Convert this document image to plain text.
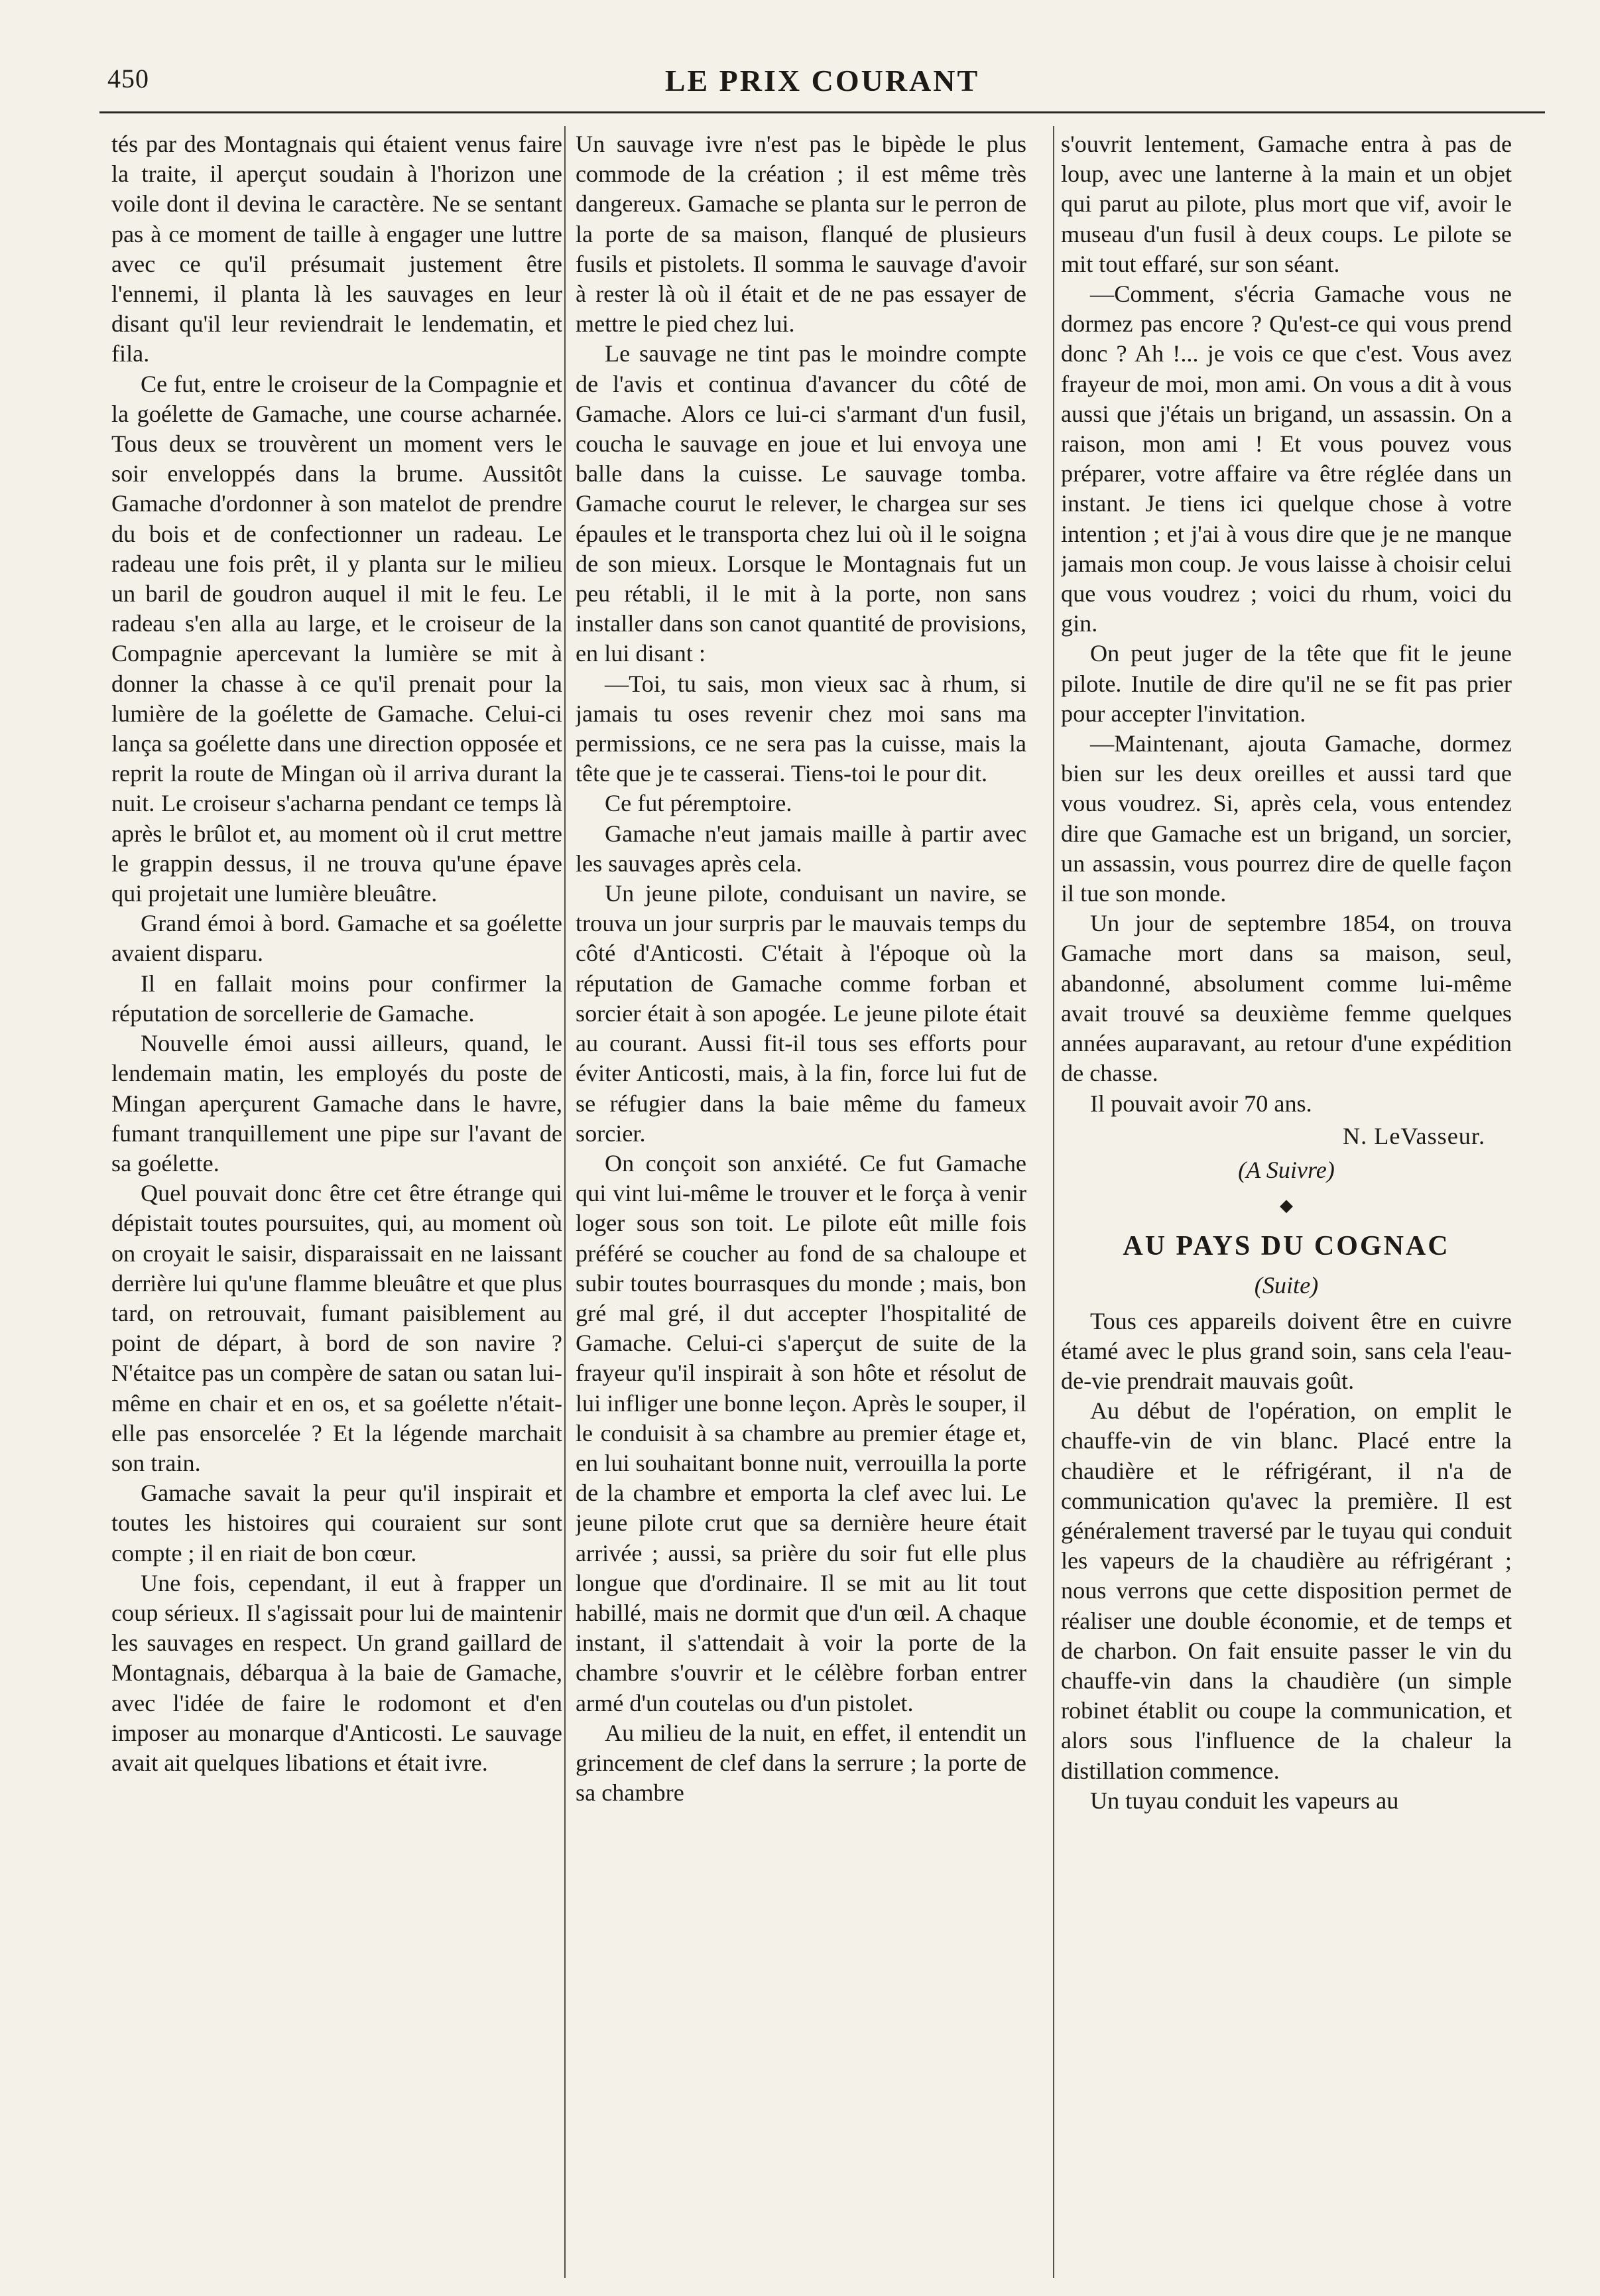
450	LE PRIX COURANT

tés par des Montagnais qui étaient venus faire la traite, il aperçut soudain à l'horizon une voile dont il devina le caractère. Ne se sentant pas à ce moment de taille à engager une luttre avec ce qu'il présumait justement être l'ennemi, il planta là les sauvages en leur disant qu'il leur reviendrait le lendematin, et fila.

Ce fut, entre le croiseur de la Compagnie et la goélette de Gamache, une course acharnée. Tous deux se trouvèrent un moment vers le soir enveloppés dans la brume. Aussitôt Gamache d'ordonner à son matelot de prendre du bois et de confectionner un radeau. Le radeau une fois prêt, il y planta sur le milieu un baril de goudron auquel il mit le feu. Le radeau s'en alla au large, et le croiseur de la Compagnie apercevant la lumière se mit à donner la chasse à ce qu'il prenait pour la lumière de la goélette de Gamache. Celui-ci lança sa goélette dans une direction opposée et reprit la route de Mingan où il arriva durant la nuit. Le croiseur s'acharna pendant ce temps là après le brûlot et, au moment où il crut mettre le grappin dessus, il ne trouva qu'une épave qui projetait une lumière bleuâtre.

Grand émoi à bord. Gamache et sa goélette avaient disparu.

Il en fallait moins pour confirmer la réputation de sorcellerie de Gamache.

Nouvelle émoi aussi ailleurs, quand, le lendemain matin, les employés du poste de Mingan aperçurent Gamache dans le havre, fumant tranquillement une pipe sur l'avant de sa goélette.

Quel pouvait donc être cet être étrange qui dépistait toutes poursuites, qui, au moment où on croyait le saisir, disparaissait en ne laissant derrière lui qu'une flamme bleuâtre et que plus tard, on retrouvait, fumant paisiblement au point de départ, à bord de son navire ? N'étaitce pas un compère de satan ou satan lui-même en chair et en os, et sa goélette n'était-elle pas ensorcelée ? Et la légende marchait son train.

Gamache savait la peur qu'il inspirait et toutes les histoires qui couraient sur sont compte ; il en riait de bon cœur.

Une fois, cependant, il eut à frapper un coup sérieux. Il s'agissait pour lui de maintenir les sauvages en respect. Un grand gaillard de Montagnais, débarqua à la baie de Gamache, avec l'idée de faire le rodomont et d'en imposer au monarque d'Anticosti. Le sauvage avait ait quelques libations et était ivre.

Un sauvage ivre n'est pas le bipède le plus commode de la création ; il est même très dangereux. Gamache se planta sur le perron de la porte de sa maison, flanqué de plusieurs fusils et pistolets. Il somma le sauvage d'avoir à rester là où il était et de ne pas essayer de mettre le pied chez lui.

Le sauvage ne tint pas le moindre compte de l'avis et continua d'avancer du côté de Gamache. Alors ce lui-ci s'armant d'un fusil, coucha le sauvage en joue et lui envoya une balle dans la cuisse. Le sauvage tomba. Gamache courut le relever, le chargea sur ses épaules et le transporta chez lui où il le soigna de son mieux. Lorsque le Montagnais fut un peu rétabli, il le mit à la porte, non sans installer dans son canot quantité de provisions, en lui disant :

—Toi, tu sais, mon vieux sac à rhum, si jamais tu oses revenir chez moi sans ma permissions, ce ne sera pas la cuisse, mais la tête que je te casserai. Tiens-toi le pour dit.

Ce fut péremptoire.

Gamache n'eut jamais maille à partir avec les sauvages après cela.

Un jeune pilote, conduisant un navire, se trouva un jour surpris par le mauvais temps du côté d'Anticosti. C'était à l'époque où la réputation de Gamache comme forban et sorcier était à son apogée. Le jeune pilote était au courant. Aussi fit-il tous ses efforts pour éviter Anticosti, mais, à la fin, force lui fut de se réfugier dans la baie même du fameux sorcier.

On conçoit son anxiété. Ce fut Gamache qui vint lui-même le trouver et le força à venir loger sous son toit. Le pilote eût mille fois préféré se coucher au fond de sa chaloupe et subir toutes bourrasques du monde ; mais, bon gré mal gré, il dut accepter l'hospitalité de Gamache. Celui-ci s'aperçut de suite de la frayeur qu'il inspirait à son hôte et résolut de lui infliger une bonne leçon. Après le souper, il le conduisit à sa chambre au premier étage et, en lui souhaitant bonne nuit, verrouilla la porte de la chambre et emporta la clef avec lui. Le jeune pilote crut que sa dernière heure était arrivée ; aussi, sa prière du soir fut elle plus longue que d'ordinaire. Il se mit au lit tout habillé, mais ne dormit que d'un œil. A chaque instant, il s'attendait à voir la porte de la chambre s'ouvrir et le célèbre forban entrer armé d'un coutelas ou d'un pistolet.

Au milieu de la nuit, en effet, il entendit un grincement de clef dans la serrure ; la porte de sa chambre

s'ouvrit lentement, Gamache entra à pas de loup, avec une lanterne à la main et un objet qui parut au pilote, plus mort que vif, avoir le museau d'un fusil à deux coups. Le pilote se mit tout effaré, sur son séant.

—Comment, s'écria Gamache vous ne dormez pas encore ? Qu'est-ce qui vous prend donc ? Ah !... je vois ce que c'est. Vous avez frayeur de moi, mon ami. On vous a dit à vous aussi que j'étais un brigand, un assassin. On a raison, mon ami ! Et vous pouvez vous préparer, votre affaire va être réglée dans un instant. Je tiens ici quelque chose à votre intention ; et j'ai à vous dire que je ne manque jamais mon coup. Je vous laisse à choisir celui que vous voudrez ; voici du rhum, voici du gin.

On peut juger de la tête que fit le jeune pilote. Inutile de dire qu'il ne se fit pas prier pour accepter l'invitation.

—Maintenant, ajouta Gamache, dormez bien sur les deux oreilles et aussi tard que vous voudrez. Si, après cela, vous entendez dire que Gamache est un brigand, un sorcier, un assassin, vous pourrez dire de quelle façon il tue son monde.

Un jour de septembre 1854, on trouva Gamache mort dans sa maison, seul, abandonné, absolument comme lui-même avait trouvé sa deuxième femme quelques années auparavant, au retour d'une expédition de chasse.

Il pouvait avoir 70 ans.

N. LeVasseur.
(A Suivre)
◆
AU PAYS DU COGNAC
(Suite)

Tous ces appareils doivent être en cuivre étamé avec le plus grand soin, sans cela l'eau-de-vie prendrait mauvais goût.

Au début de l'opération, on emplit le chauffe-vin de vin blanc. Placé entre la chaudière et le réfrigérant, il n'a de communication qu'avec la première. Il est généralement traversé par le tuyau qui conduit les vapeurs de la chaudière au réfrigérant ; nous verrons que cette disposition permet de réaliser une double économie, et de temps et de charbon. On fait ensuite passer le vin du chauffe-vin dans la chaudière (un simple robinet établit ou coupe la communication, et alors sous l'influence de la chaleur la distillation commence.

Un tuyau conduit les vapeurs au
